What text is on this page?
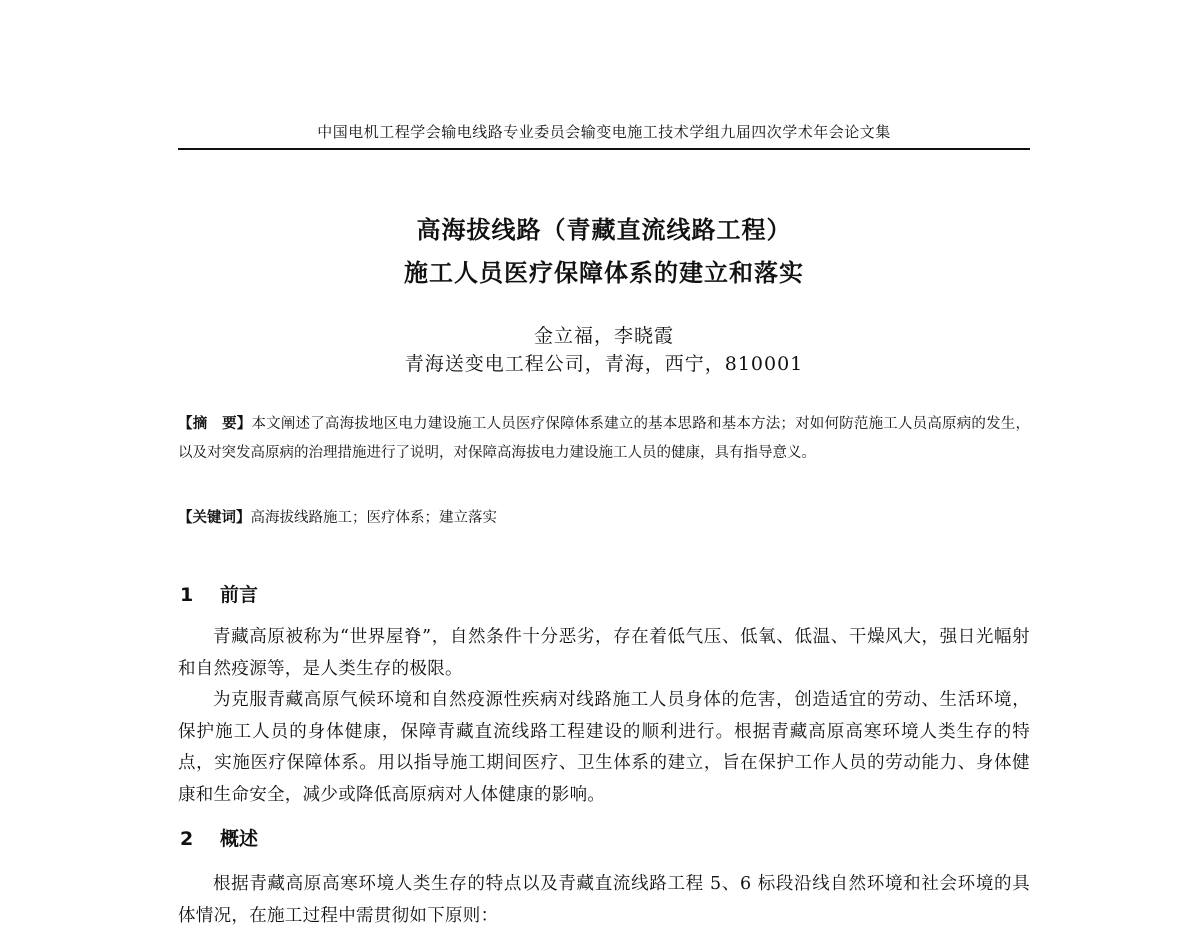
中国电机工程学会输电线路专业委员会输变电施工技术学组九届四次学术年会论文集
高海拔线路（青藏直流线路工程）
施工人员医疗保障体系的建立和落实
金立福，李晓霞
青海送变电工程公司，青海，西宁，810001
【摘　要】本文阐述了高海拔地区电力建设施工人员医疗保障体系建立的基本思路和基本方法；对如何防范施工人员高原病的发生，以及对突发高原病的治理措施进行了说明，对保障高海拔电力建设施工人员的健康，具有指导意义。
【关键词】高海拔线路施工；医疗体系；建立落实
1 前言

青藏高原被称为“世界屋脊”，自然条件十分恶劣，存在着低气压、低氧、低温、干燥风大，强日光幅射和自然疫源等，是人类生存的极限。

为克服青藏高原气候环境和自然疫源性疾病对线路施工人员身体的危害，创造适宜的劳动、生活环境，保护施工人员的身体健康，保障青藏直流线路工程建设的顺利进行。根据青藏高原高寒环境人类生存的特点，实施医疗保障体系。用以指导施工期间医疗、卫生体系的建立，旨在保护工作人员的劳动能力、身体健康和生命安全，减少或降低高原病对人体健康的影响。

2 概述

根据青藏高原高寒环境人类生存的特点以及青藏直流线路工程 5、6 标段沿线自然环境和社会环境的具体情况，在施工过程中需贯彻如下原则：
